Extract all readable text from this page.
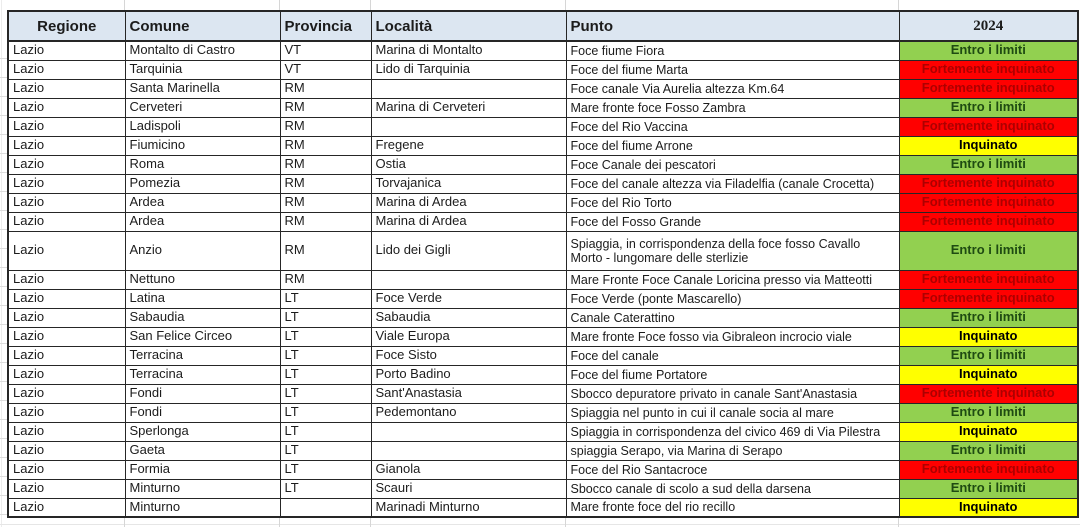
Regione	Comune	Provincia	Località	Punto	2024
Lazio	Montalto di Castro	VT	Marina di Montalto	Foce fiume Fiora	Entro i limiti
Lazio	Tarquinia	VT	Lido di Tarquinia	Foce del fiume Marta	Fortemente inquinato
Lazio	Santa Marinella	RM		Foce canale Via Aurelia altezza Km.64	Fortemente inquinato
Lazio	Cerveteri	RM	Marina di Cerveteri	Mare fronte foce Fosso Zambra	Entro i limiti
Lazio	Ladispoli	RM		Foce del Rio Vaccina	Fortemente inquinato
Lazio	Fiumicino	RM	Fregene	Foce del fiume Arrone	Inquinato
Lazio	Roma	RM	Ostia	Foce Canale dei pescatori	Entro i limiti
Lazio	Pomezia	RM	Torvajanica	Foce del canale altezza via Filadelfia (canale Crocetta)	Fortemente inquinato
Lazio	Ardea	RM	Marina di Ardea	Foce del Rio Torto	Fortemente inquinato
Lazio	Ardea	RM	Marina di Ardea	Foce del Fosso Grande	Fortemente inquinato
Lazio	Anzio	RM	Lido dei Gigli	Spiaggia, in corrispondenza della foce fosso Cavallo Morto - lungomare delle sterlizie	Entro i limiti
Lazio	Nettuno	RM		Mare Fronte Foce Canale Loricina presso via Matteotti	Fortemente inquinato
Lazio	Latina	LT	Foce Verde	Foce Verde (ponte Mascarello)	Fortemente inquinato
Lazio	Sabaudia	LT	Sabaudia	Canale Caterattino	Entro i limiti
Lazio	San Felice Circeo	LT	Viale Europa	Mare fronte Foce fosso via Gibraleon incrocio viale	Inquinato
Lazio	Terracina	LT	Foce Sisto	Foce del canale	Entro i limiti
Lazio	Terracina	LT	Porto Badino	Foce del fiume Portatore	Inquinato
Lazio	Fondi	LT	Sant'Anastasia	Sbocco depuratore privato in canale Sant'Anastasia	Fortemente inquinato
Lazio	Fondi	LT	Pedemontano	Spiaggia nel punto in cui il canale socia al mare	Entro i limiti
Lazio	Sperlonga	LT		Spiaggia in corrispondenza del civico 469 di Via Pilestra	Inquinato
Lazio	Gaeta	LT		spiaggia Serapo, via Marina di Serapo	Entro i limiti
Lazio	Formia	LT	Gianola	Foce del Rio Santacroce	Fortemente inquinato
Lazio	Minturno	LT	Scauri	Sbocco canale di scolo a sud della darsena	Entro i limiti
Lazio	Minturno		Marinadi Minturno	Mare fronte foce del rio recillo	Inquinato
